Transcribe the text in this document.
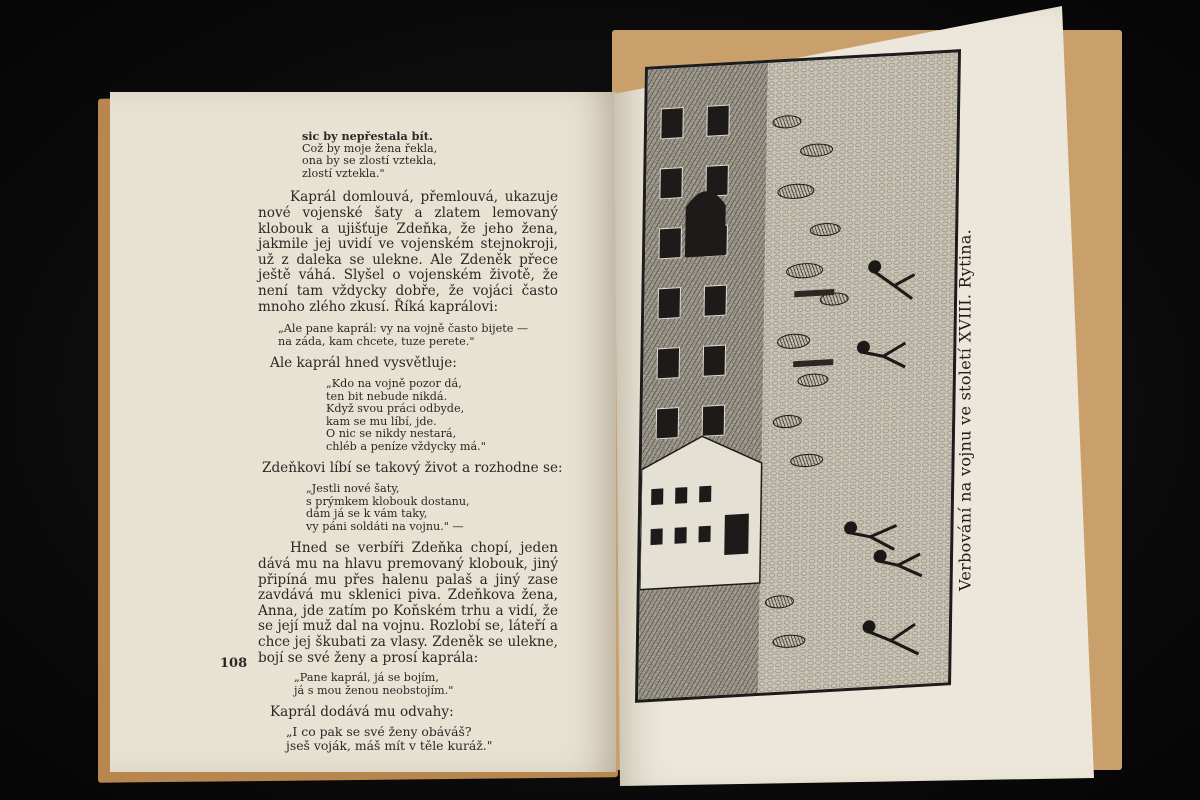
sic by nepřestala bít.
Což by moje žena řekla,
ona by se zlostí vztekla,
zlostí vztekla."

Kaprál domlouvá, přemlouvá, ukazuje nové vojenské šaty a zlatem lemovaný klobouk a ujišťuje Zdeňka, že jeho žena, jakmile jej uvidí ve vojenském stejnokroji, už z daleka se ulekne. Ale Zdeněk přece ještě váhá. Slyšel o vojenském životě, že není tam vždycky dobře, že vojáci často mnoho zlého zkusí. Říká kaprálovi:

„Ale pane kaprál: vy na vojně často bijete —
na záda, kam chcete, tuze perete."

Ale kaprál hned vysvětluje:

„Kdo na vojně pozor dá,
ten bit nebude nikdá.
Když svou práci odbyde,
kam se mu líbí, jde.
O nic se nikdy nestará,
chléb a peníze vždycky má."

Zdeňkovi líbí se takový život a rozhodne se:

„Jestli nové šaty,
s prýmkem klobouk dostanu,
dám já se k vám taky,
vy páni soldáti na vojnu." —

Hned se verbíři Zdeňka chopí, jeden dává mu na hlavu premovaný klobouk, jiný připíná mu přes halenu palaš a jiný zase zavdává mu sklenici piva. Zdeňkova žena, Anna, jde zatím po Koňském trhu a vidí, že se její muž dal na vojnu. Rozlobí se, láteří a chce jej škubati za vlasy. Zdeněk se ulekne, bojí se své ženy a prosí kaprála:

„Pane kaprál, já se bojím,
já s mou ženou neobstojím."

Kaprál dodává mu odvahy:

„I co pak se své ženy obáváš?
jseš voják, máš mít v těle kuráž."
108
Verbování na vojnu ve století XVIII. Rytina.
